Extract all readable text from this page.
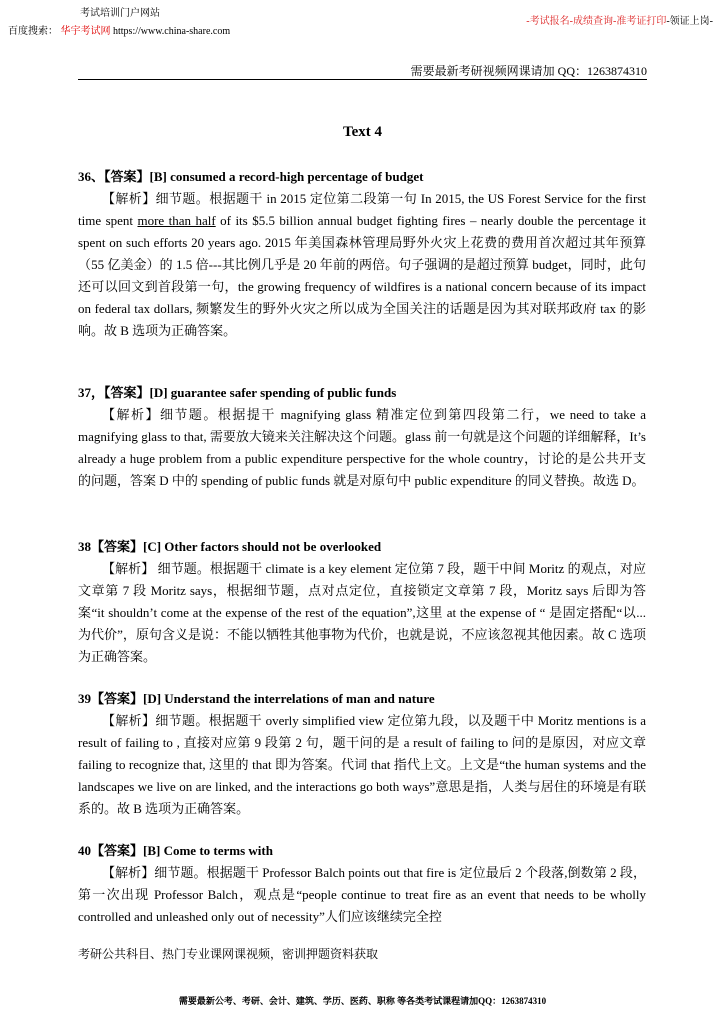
考试培训门户网站
百度搜索： 华宇考试网 https://www.china-share.com
-考试报名-成绩查询-准考证打印-领证上岗-
需要最新考研视频网课请加 QQ：1263874310
Text 4

36、【答案】[B] consumed a record-high percentage of budget

【解析】细节题。根据题干 in 2015 定位第二段第一句 In 2015, the US Forest Service for the first time spent more than half of its $5.5 billion annual budget fighting fires – nearly double the percentage it spent on such efforts 20 years ago. 2015 年美国森林管理局野外火灾上花费的费用首次超过其年预算（55 亿美金）的 1.5 倍---其比例几乎是 20 年前的两倍。句子强调的是超过预算 budget，同时，此句还可以回文到首段第一句，the growing frequency of wildfires is a national concern because of its impact on federal tax dollars, 频繁发生的野外火灾之所以成为全国关注的话题是因为其对联邦政府 tax 的影响。故 B 选项为正确答案。

37，【答案】[D] guarantee safer spending of public funds

【解析】细节题。根据提干 magnifying glass 精准定位到第四段第二行，we need to take a magnifying glass to that, 需要放大镜来关注解决这个问题。glass 前一句就是这个问题的详细解释，It’s already a huge problem from a public expenditure perspective for the whole country，讨论的是公共开支的问题，答案 D 中的 spending of public funds 就是对原句中 public expenditure 的同义替换。故选 D。

38【答案】[C] Other factors should not be overlooked

【解析】 细节题。根据题干 climate is a key element 定位第 7 段，题干中间 Moritz 的观点，对应文章第 7 段 Moritz says，根据细节题，点对点定位，直接锁定文章第 7 段，Moritz says 后即为答案“it shouldn’t come at the expense of the rest of the equation”,这里 at the expense of “ 是固定搭配“以... 为代价”，原句含义是说：不能以牺牲其他事物为代价，也就是说，不应该忽视其他因素。故 C 选项为正确答案。

39【答案】[D] Understand the interrelations of man and nature

【解析】细节题。根据题干 overly simplified view 定位第九段，以及题干中 Moritz mentions is a result of failing to , 直接对应第 9 段第 2 句，题干问的是 a result of failing to 问的是原因，对应文章 failing to recognize that, 这里的 that 即为答案。代词 that 指代上文。上文是“the human systems and the landscapes we live on are linked, and the interactions go both ways”意思是指，人类与居住的环境是有联系的。故 B 选项为正确答案。

40【答案】[B] Come to terms with

【解析】细节题。根据题干 Professor Balch points out that fire is 定位最后 2 个段落,倒数第 2 段，第一次出现 Professor Balch，观点是“people continue to treat fire as an event that needs to be wholly controlled and unleashed only out of necessity”人们应该继续完全控

考研公共科目、热门专业课网课视频，密训押题资料获取
需要最新公考、考研、会计、建筑、学历、医药、职称 等各类考试课程请加QQ：1263874310
